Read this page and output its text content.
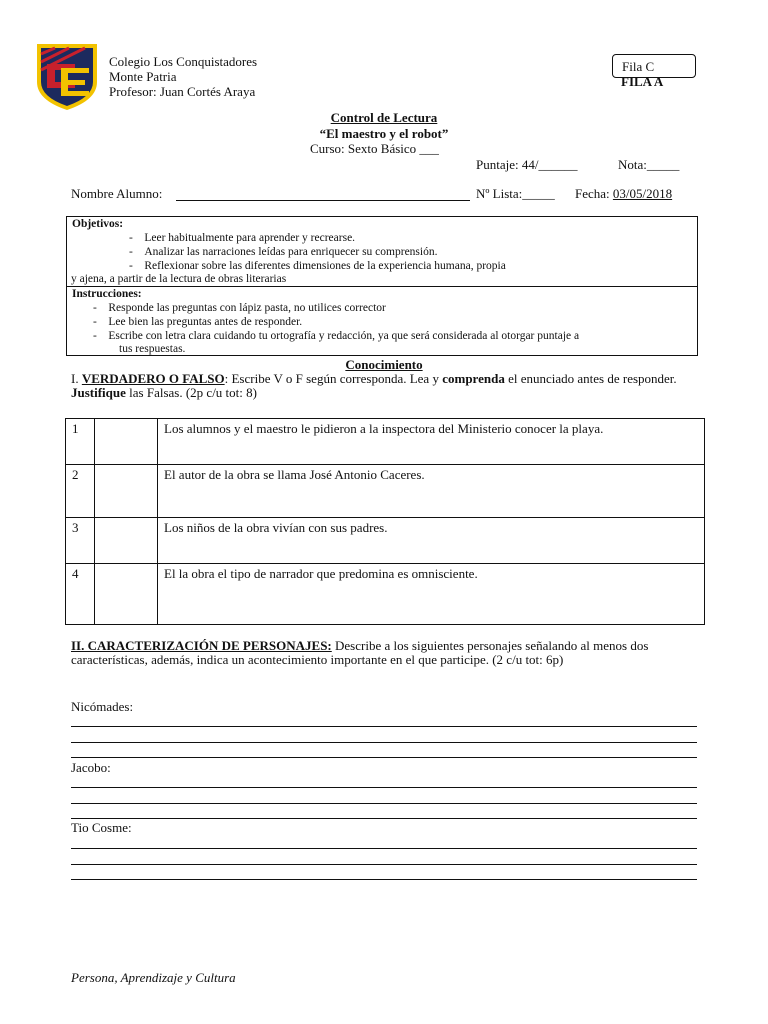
Colegio Los Conquistadores
Monte Patria
Profesor: Juan Cortés Araya
Fila C
FILA A
Control de Lectura
“El maestro y el robot”
Curso: Sexto Básico ___
Puntaje: 44/______	Nota:_____
Nombre Alumno:	Nº Lista:_____ Fecha: 03/05/2018
Objetivos:
-    Leer habitualmente para aprender y recrearse.
-    Analizar las narraciones leídas para enriquecer su comprensión.
-    Reflexionar sobre las diferentes dimensiones de la experiencia humana, propia
y ajena, a partir de la lectura de obras literarias
Instrucciones:
-    Responde las preguntas con lápiz pasta, no utilices corrector
-    Lee bien las preguntas antes de responder.
-    Escribe con letra clara cuidando tu ortografía y redacción, ya que será considerada al otorgar puntaje a
tus respuestas.
Conocimiento
I. VERDADERO O FALSO: Escribe V o F según corresponda. Lea y comprenda el enunciado antes de responder. Justifique las Falsas. (2p c/u tot: 8)
1		Los alumnos y el maestro le pidieron a la inspectora del Ministerio conocer la playa.
2		El autor de la obra se llama José Antonio Caceres.
3		Los niños de la obra vivían con sus padres.
4		El la obra el tipo de narrador que predomina es omnisciente.
II. CARACTERIZACIÓN DE PERSONAJES: Describe a los siguientes personajes señalando al menos dos características, además, indica un acontecimiento importante en el que participe. (2 c/u tot: 6p)
Nicómades:
Jacobo:
Tio Cosme:
Persona, Aprendizaje y Cultura
